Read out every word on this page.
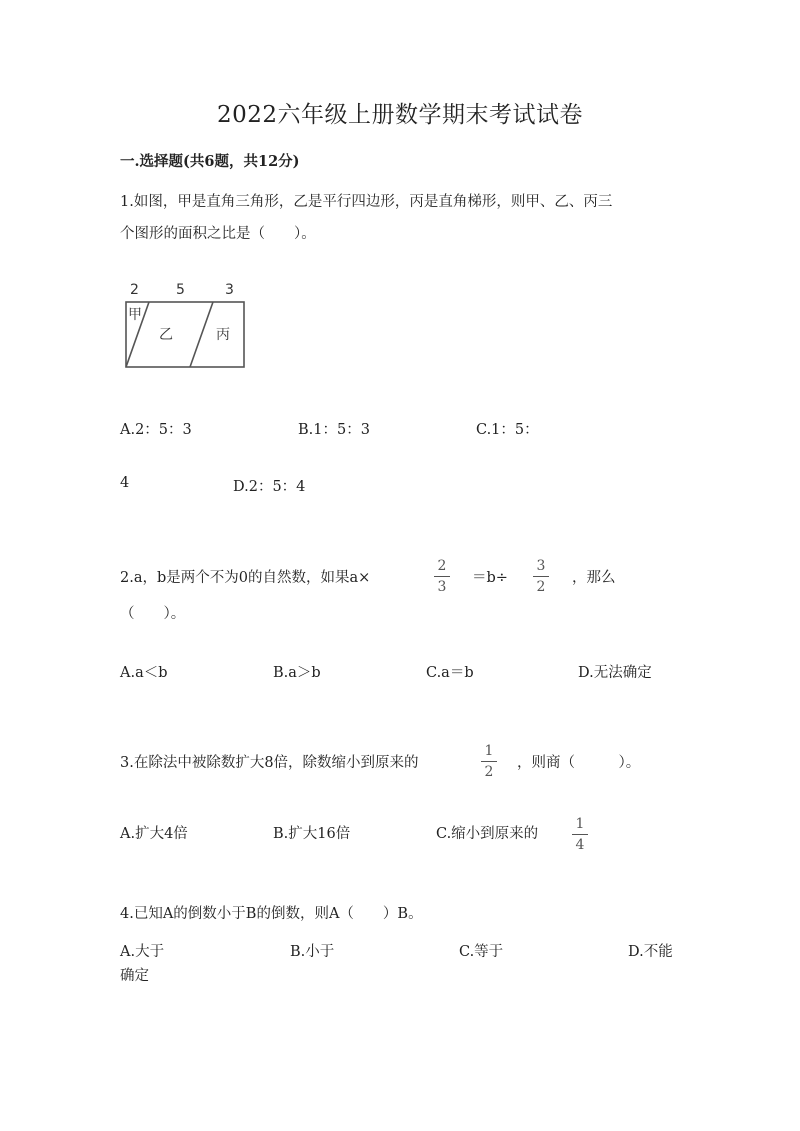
2022六年级上册数学期末考试试卷
一.选择题(共6题，共12分)
1.如图，甲是直角三角形，乙是平行四边形，丙是直角梯形，则甲、乙、丙三
个图形的面积之比是（　　）。
2	5	3
甲
乙	丙
A.2：5：3	B.1：5：3	C.1：5：
4	D.2：5：4
2.a，b是两个不为0的自然数，如果a×
2
3
＝b÷
3
2
，那么
（　　）。
A.a＜b	B.a＞b	C.a＝b	D.无法确定
3.在除法中被除数扩大8倍，除数缩小到原来的
1
2
，则商（　　　）。
A.扩大4倍	B.扩大16倍	C.缩小到原来的
1
4
4.已知A的倒数小于B的倒数，则A（　　）B。
A.大于	B.小于	C.等于	D.不能
确定
